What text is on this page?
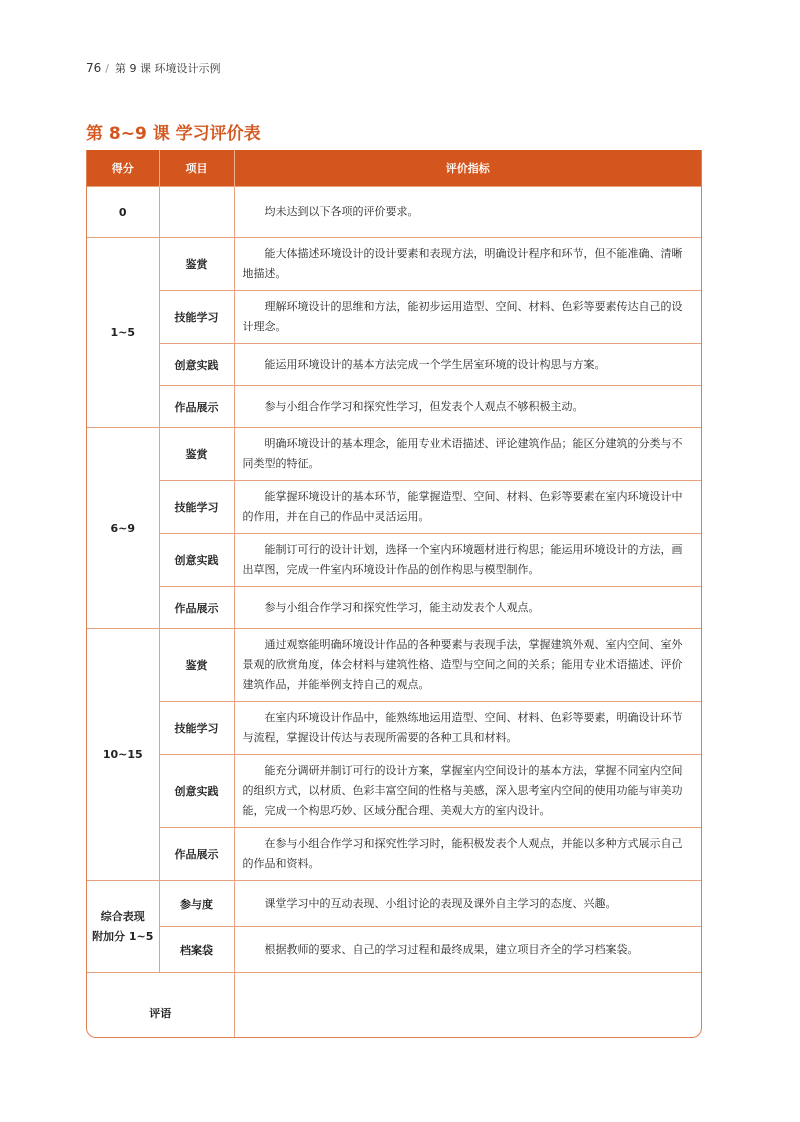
76 / 第 9 课 环境设计示例
第 8~9 课 学习评价表
得分	项目	评价指标
0		均未达到以下各项的评价要求。
1~5	鉴赏	能大体描述环境设计的设计要素和表现方法，明确设计程序和环节，但不能准确、清晰地描述。
	技能学习	理解环境设计的思维和方法，能初步运用造型、空间、材料、色彩等要素传达自己的设计理念。
	创意实践	能运用环境设计的基本方法完成一个学生居室环境的设计构思与方案。
	作品展示	参与小组合作学习和探究性学习，但发表个人观点不够积极主动。
6~9	鉴赏	明确环境设计的基本理念，能用专业术语描述、评论建筑作品；能区分建筑的分类与不同类型的特征。
	技能学习	能掌握环境设计的基本环节，能掌握造型、空间、材料、色彩等要素在室内环境设计中的作用，并在自己的作品中灵活运用。
	创意实践	能制订可行的设计计划，选择一个室内环境题材进行构思；能运用环境设计的方法，画出草图，完成一件室内环境设计作品的创作构思与模型制作。
	作品展示	参与小组合作学习和探究性学习，能主动发表个人观点。
10~15	鉴赏	通过观察能明确环境设计作品的各种要素与表现手法，掌握建筑外观、室内空间、室外景观的欣赏角度，体会材料与建筑性格、造型与空间之间的关系；能用专业术语描述、评价建筑作品，并能举例支持自己的观点。
	技能学习	在室内环境设计作品中，能熟练地运用造型、空间、材料、色彩等要素，明确设计环节与流程，掌握设计传达与表现所需要的各种工具和材料。
	创意实践	能充分调研并制订可行的设计方案，掌握室内空间设计的基本方法，掌握不同室内空间的组织方式，以材质、色彩丰富空间的性格与美感，深入思考室内空间的使用功能与审美功能，完成一个构思巧妙、区域分配合理、美观大方的室内设计。
	作品展示	在参与小组合作学习和探究性学习时，能积极发表个人观点，并能以多种方式展示自己的作品和资料。

综合表现
附加分 1~5	参与度	课堂学习中的互动表现、小组讨论的表现及课外自主学习的态度、兴趣。
	档案袋	根据教师的要求、自己的学习过程和最终成果，建立项目齐全的学习档案袋。
评语		
